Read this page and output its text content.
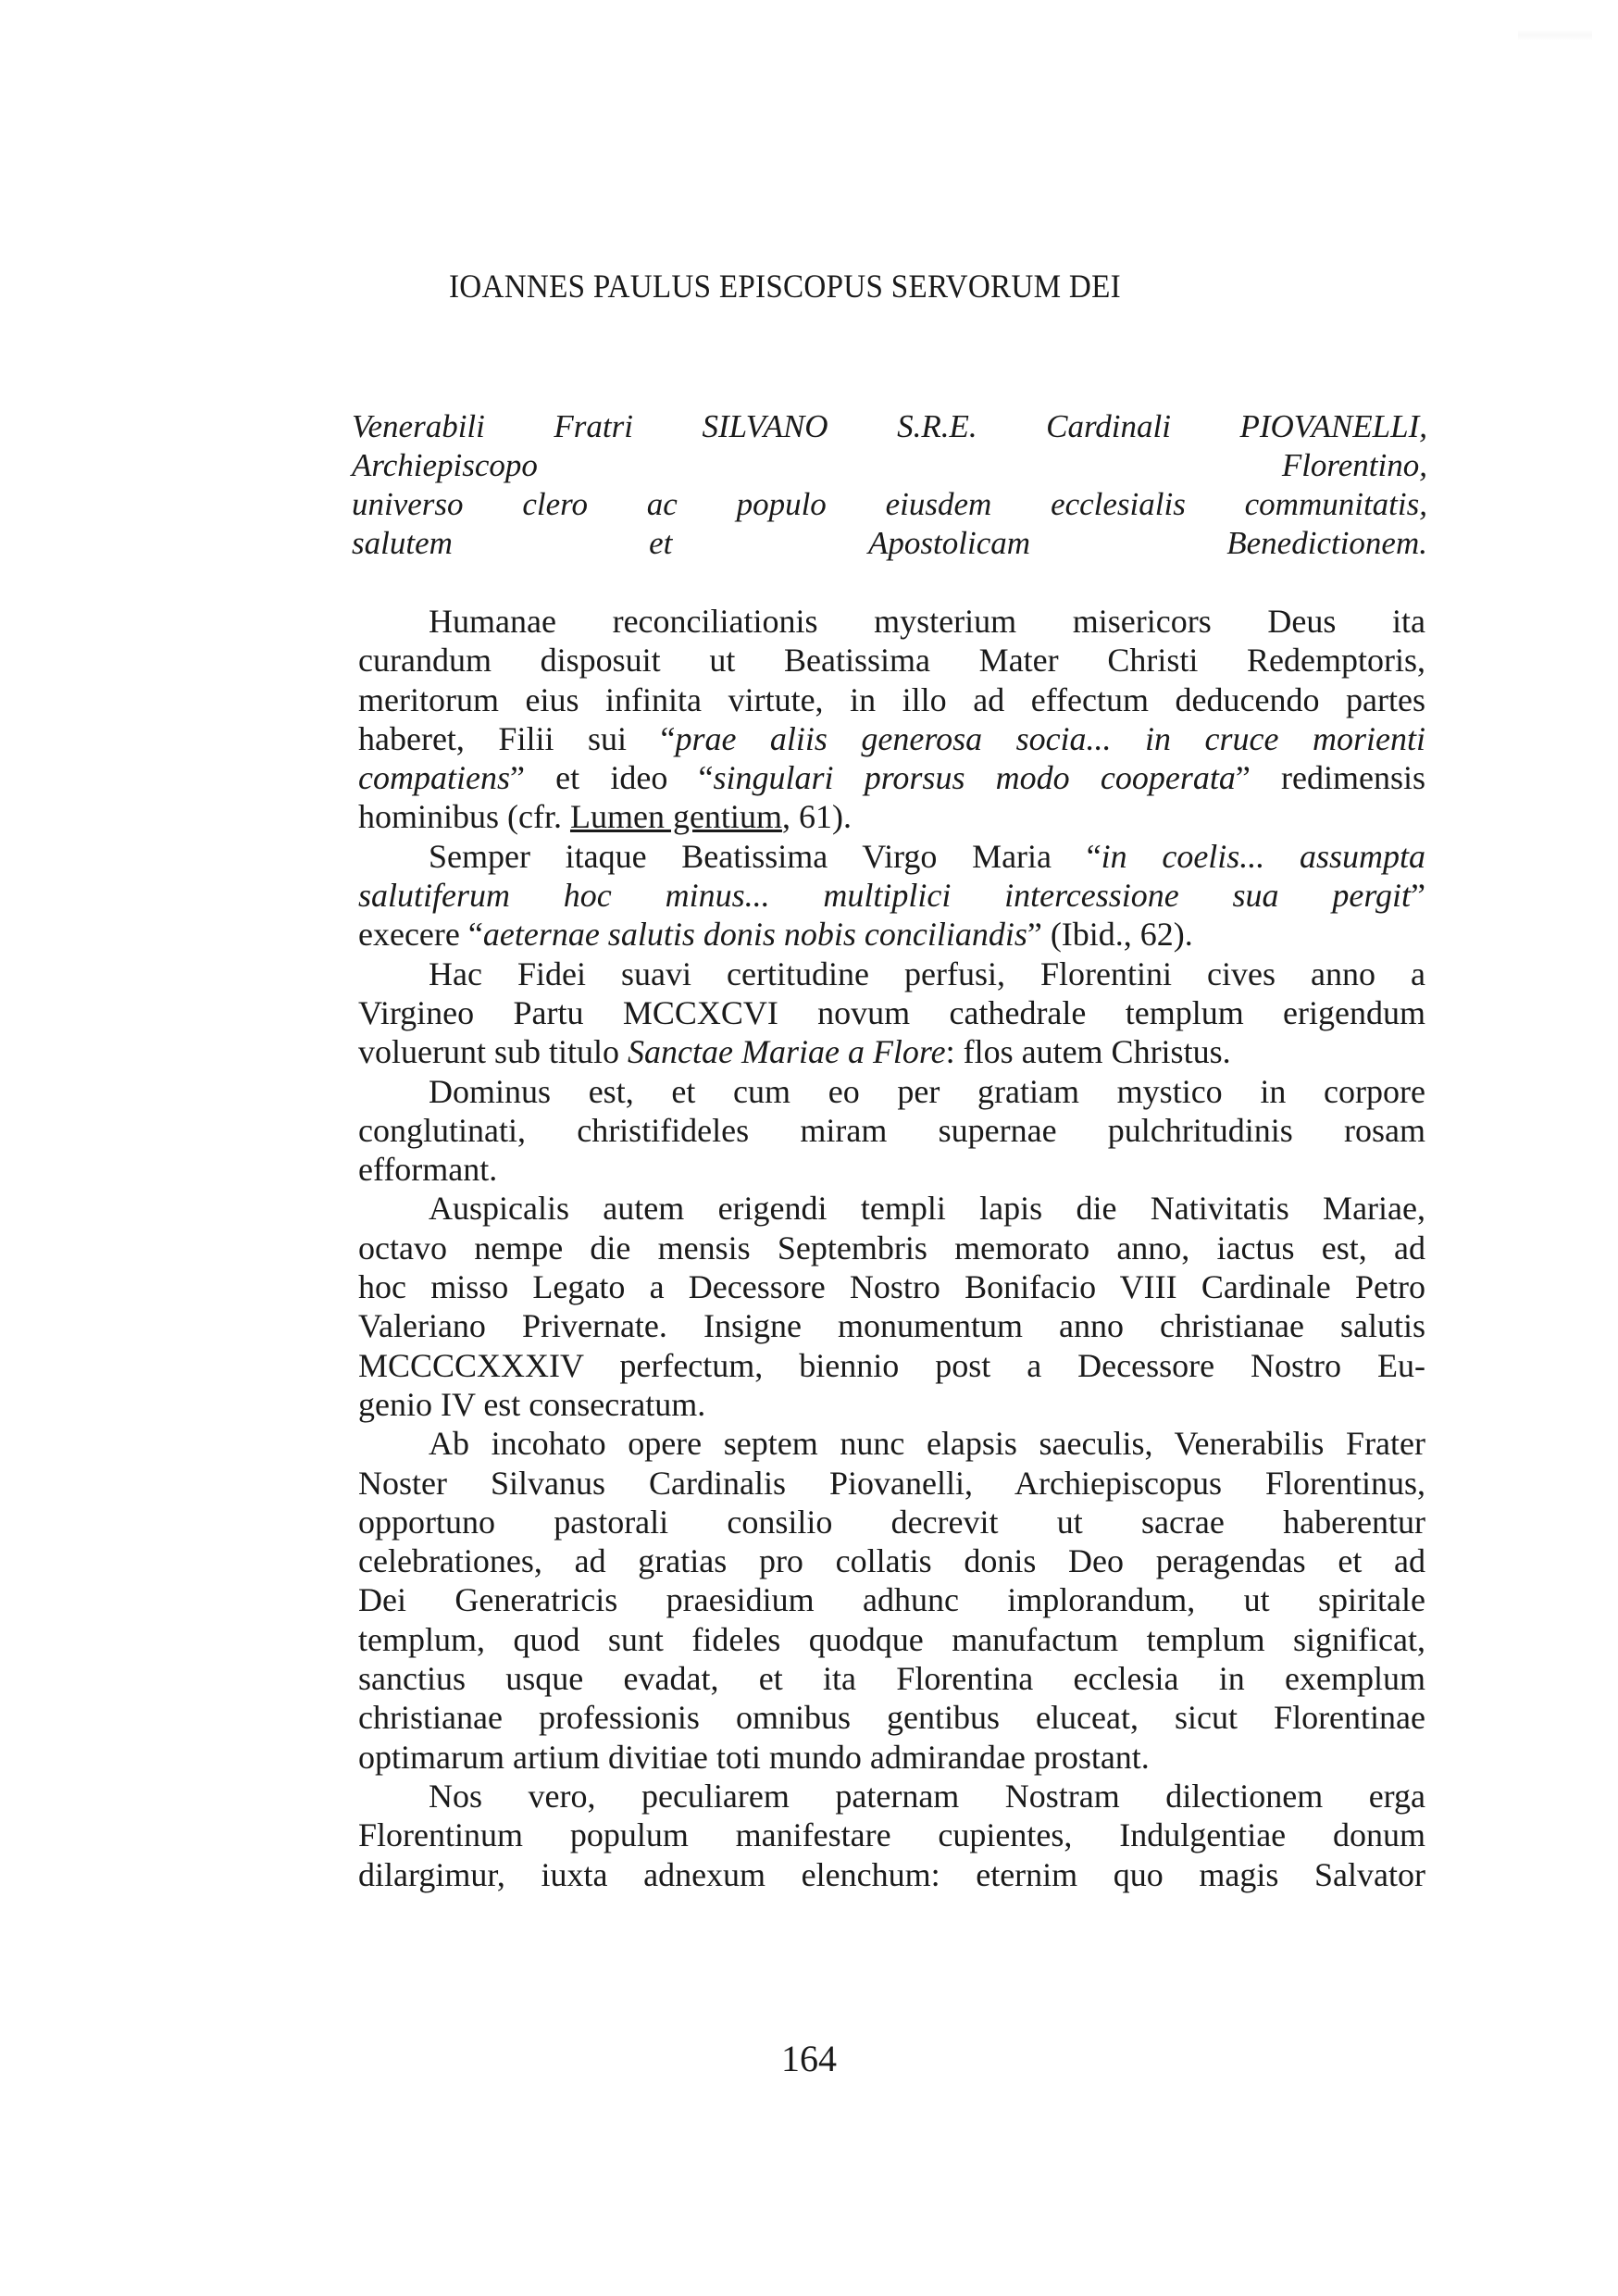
IOANNES PAULUS EPISCOPUS SERVORUM DEI
Venerabili Fratri SILVANO S.R.E. Cardinali PIOVANELLI,
Archiepiscopo Florentino,
universo clero ac populo eiusdem ecclesialis communitatis,
salutem et Apostolicam Benedictionem.
Humanae reconciliationis mysterium misericors Deus ita
curandum disposuit ut Beatissima Mater Christi Redemptoris,
meritorum eius infinita virtute, in illo ad effectum deducendo partes
haberet, Filii sui “prae aliis generosa socia... in cruce morienti
compatiens” et ideo “singulari prorsus modo cooperata” redimensis
hominibus (cfr. Lumen gentium, 61).
Semper itaque Beatissima Virgo Maria “in coelis... assumpta
salutiferum hoc minus... multiplici intercessione sua pergit”
execere “aeternae salutis donis nobis conciliandis” (Ibid., 62).
Hac Fidei suavi certitudine perfusi, Florentini cives anno a
Virgineo Partu MCCXCVI novum cathedrale templum erigendum
voluerunt sub titulo Sanctae Mariae a Flore: flos autem Christus.
Dominus est, et cum eo per gratiam mystico in corpore
conglutinati, christifideles miram supernae pulchritudinis rosam
efformant.
Auspicalis autem erigendi templi lapis die Nativitatis Mariae,
octavo nempe die mensis Septembris memorato anno, iactus est, ad
hoc misso Legato a Decessore Nostro Bonifacio VIII Cardinale Petro
Valeriano Privernate. Insigne monumentum anno christianae salutis
MCCCCXXXIV perfectum, biennio post a Decessore Nostro Eu-
genio IV est consecratum.
Ab incohato opere septem nunc elapsis saeculis, Venerabilis Frater
Noster Silvanus Cardinalis Piovanelli, Archiepiscopus Florentinus,
opportuno pastorali consilio decrevit ut sacrae haberentur
celebrationes, ad gratias pro collatis donis Deo peragendas et ad
Dei Generatricis praesidium adhunc implorandum, ut spiritale
templum, quod sunt fideles quodque manufactum templum significat,
sanctius usque evadat, et ita Florentina ecclesia in exemplum
christianae professionis omnibus gentibus eluceat, sicut Florentinae
optimarum artium divitiae toti mundo admirandae prostant.
Nos vero, peculiarem paternam Nostram dilectionem erga
Florentinum populum manifestare cupientes, Indulgentiae donum
dilargimur, iuxta adnexum elenchum: eternim quo magis Salvator
164
